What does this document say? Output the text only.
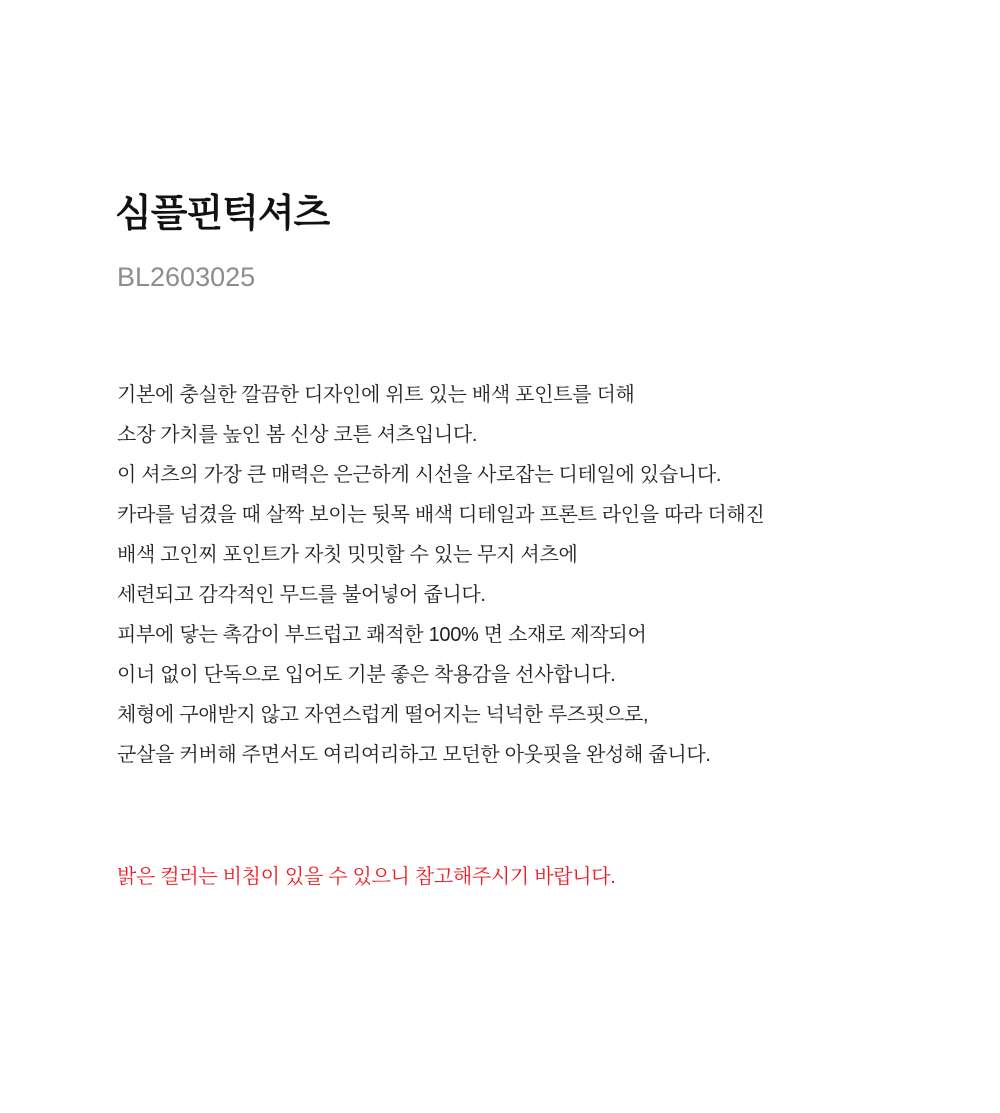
심플핀턱셔츠
BL2603025

기본에 충실한 깔끔한 디자인에 위트 있는 배색 포인트를 더해

소장 가치를 높인 봄 신상 코튼 셔츠입니다.

이 셔츠의 가장 큰 매력은 은근하게 시선을 사로잡는 디테일에 있습니다.

카라를 넘겼을 때 살짝 보이는 뒷목 배색 디테일과 프론트 라인을 따라 더해진

배색 고인찌 포인트가 자칫 밋밋할 수 있는 무지 셔츠에

세련되고 감각적인 무드를 불어넣어 줍니다.

피부에 닿는 촉감이 부드럽고 쾌적한 100% 면 소재로 제작되어

이너 없이 단독으로 입어도 기분 좋은 착용감을 선사합니다.

체형에 구애받지 않고 자연스럽게 떨어지는 넉넉한 루즈핏으로,

군살을 커버해 주면서도 여리여리하고 모던한 아웃핏을 완성해 줍니다.

밝은 컬러는 비침이 있을 수 있으니 참고해주시기 바랍니다.
